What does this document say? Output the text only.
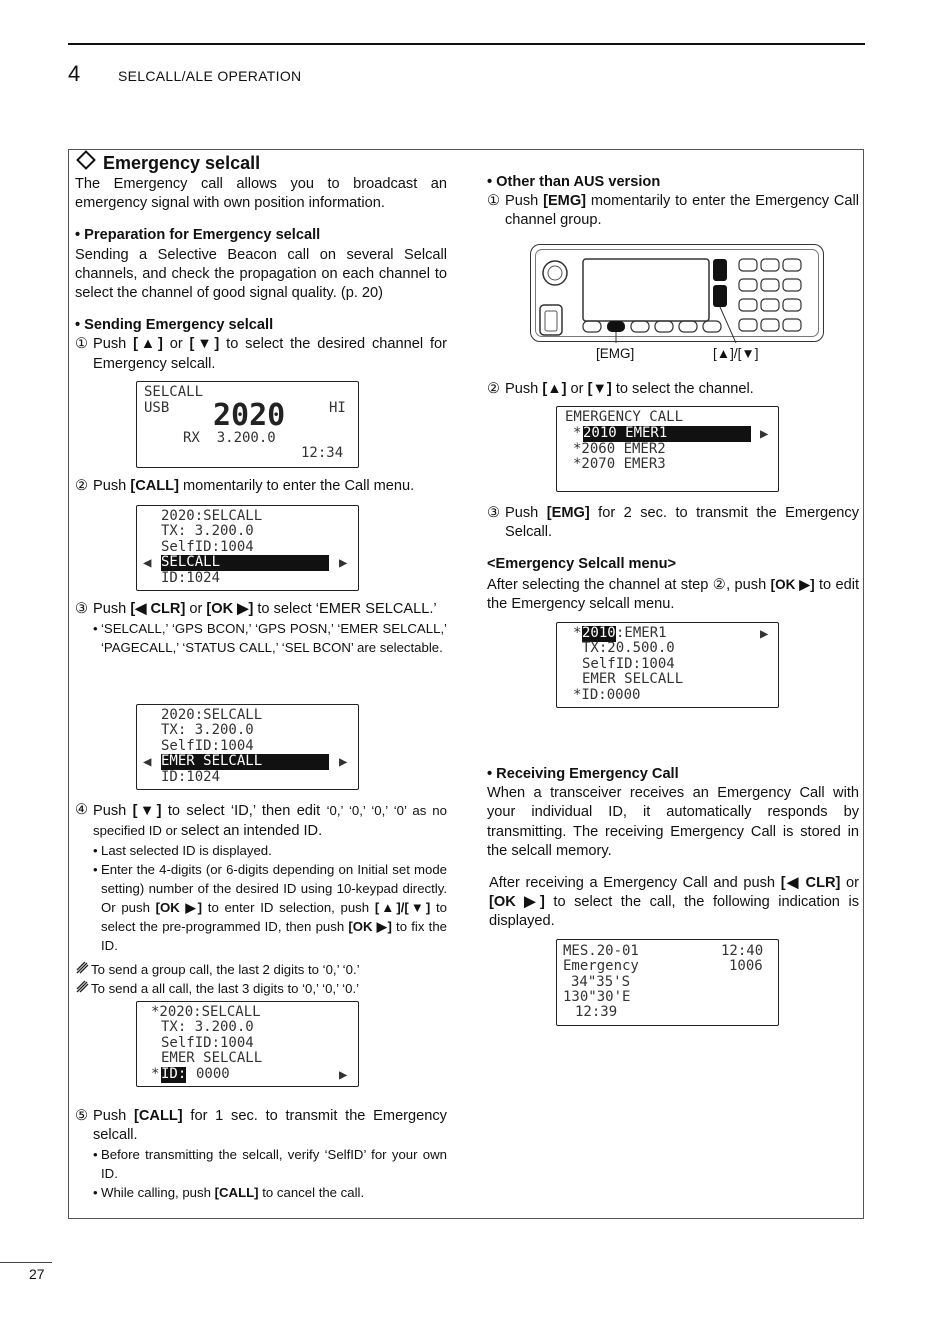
4	SELCALL/ALE OPERATION
27

Emergency selcall

The Emergency call allows you to broadcast an emergency signal with own position information.

• Preparation for Emergency selcall

Sending a Selective Beacon call on several Selcall channels, and check the propagation on each channel to select the channel of good signal quality. (p. 20)

• Sending Emergency selcall

① Push [▲] or [▼] to select the desired channel for Emergency selcall.

SELCALL
USB 2020	HI
RX  3.200.0
12:34

② Push [CALL] momentarily to enter the Call menu.

2020:SELCALL
TX: 3.200.0
SelfID:1004
◀ SELCALL	▶
ID:1024

③ Push [◀ CLR] or [OK ▶] to select ‘EMER SELCALL.’

• ‘SELCALL,’ ‘GPS BCON,’ ‘GPS POSN,’ ‘EMER SELCALL,’ ‘PAGECALL,’ ‘STATUS CALL,’ ‘SEL BCON’ are selectable.

2020:SELCALL
TX: 3.200.0
SelfID:1004
◀ EMER SELCALL	▶
ID:1024

④ Push [▼] to select ‘ID,’ then edit ‘0,’ ‘0,’ ‘0,’ ‘0’ as no specified ID or select an intended ID.

• Last selected ID is displayed.

• Enter the 4-digits (or 6-digits depending on Initial set mode setting) number of the desired ID using 10-keypad directly. Or push [OK ▶] to enter ID selection, push [▲]/[▼] to select the pre-programmed ID, then push [OK ▶] to fix the ID.

To send a group call, the last 2 digits to ‘0,’ ‘0.’

To send a all call, the last 3 digits to ‘0,’ ‘0,’ ‘0.’

*2020:SELCALL
TX: 3.200.0
SelfID:1004
EMER SELCALL
* ID: 0000	▶

⑤ Push [CALL] for 1 sec. to transmit the Emergency selcall.

• Before transmitting the selcall, verify ‘SelfID’ for your own ID.

• While calling, push [CALL] to cancel the call.

• Other than AUS version

① Push [EMG] momentarily to enter the Emergency Call channel group.

[EMG]	[▲]/[▼]

② Push [▲] or [▼] to select the channel.

EMERGENCY CALL
* 2010 EMER1	▶
*2060 EMER2
*2070 EMER3

③ Push [EMG] for 2 sec. to transmit the Emergency Selcall.

<Emergency Selcall menu>

After selecting the channel at step ②, push [OK ▶] to edit the Emergency selcall menu.

* 2010 :EMER1	▶
TX:20.500.0
SelfID:1004
EMER SELCALL
*ID:0000

• Receiving Emergency Call

When a transceiver receives an Emergency Call with your individual ID, it automatically responds by transmitting. The receiving Emergency Call is stored in the selcall memory.

After receiving a Emergency Call and push [◀ CLR] or [OK ▶] to select the call, the following indication is displayed.

MES.20-01	12:40
Emergency	1006
34"35'S
130"30'E
12:39
